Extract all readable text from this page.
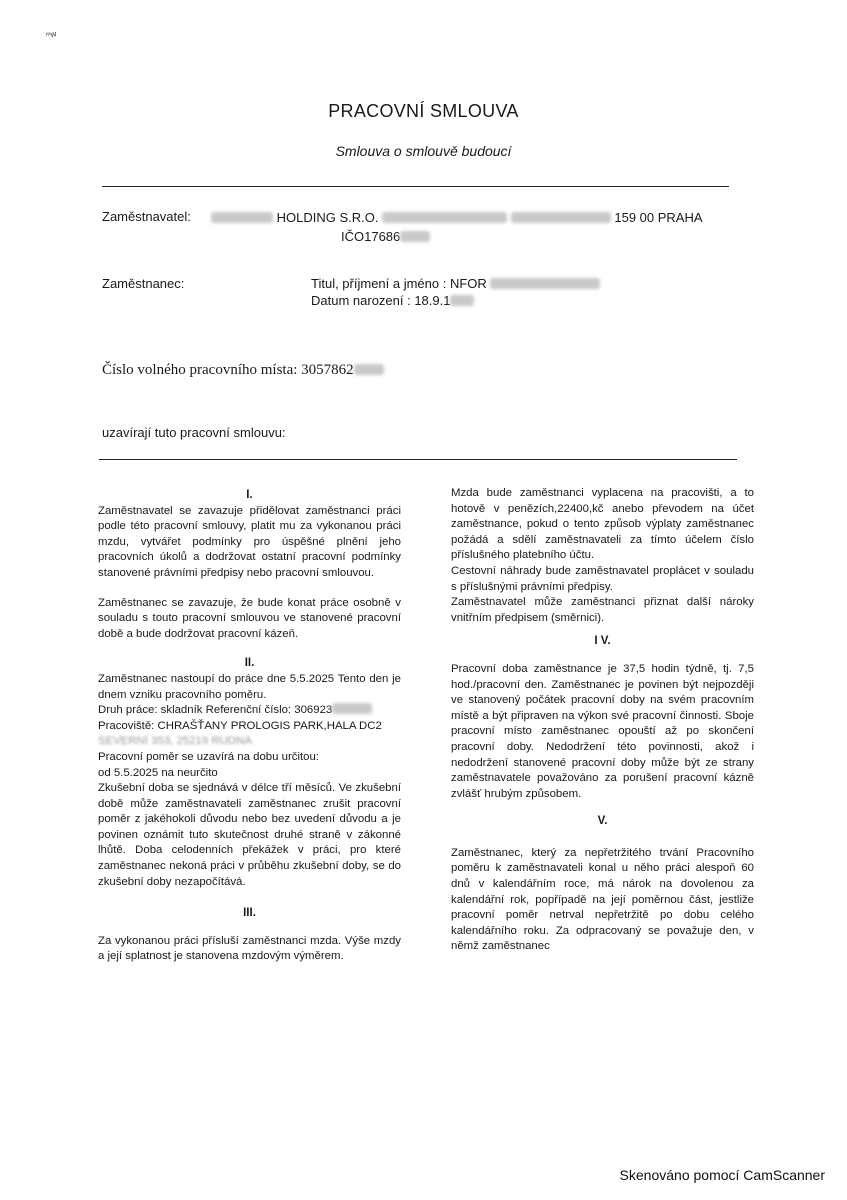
ᵐw
PRACOVNÍ SMLOUVA
Smlouva o smlouvě budoucí
Zaměstnavatel:	HOLDING S.R.O.	159 00 PRAHA
IČO17686
Zaměstnanec:	Titul, příjmení a jméno : NFOR
Datum narození : 18.9.1
Číslo volného pracovního místa: 3057862
uzavírají tuto pracovní smlouvu:
I.

Zaměstnavatel se zavazuje přidělovat zaměstnanci práci podle této pracovní smlouvy, platit mu za vykonanou práci mzdu, vytvářet podmínky pro úspěšné plnění jeho pracovních úkolů a dodržovat ostatní pracovní podmínky stanovené právními předpisy nebo pracovní smlouvou.

Zaměstnanec se zavazuje, že bude konat práce osobně v souladu s touto pracovní smlouvou ve stanovené pracovní době a bude dodržovat pracovní kázeň.

II.

Zaměstnanec nastoupí do práce dne 5.5.2025 Tento den je dnem vzniku pracovního poměru.

Druh práce: skladník Referenční číslo: 306923

Pracoviště: CHRAŠŤANY PROLOGIS PARK,HALA DC2

SEVERNÍ 353, 25219 RUDNA

Pracovní poměr se uzavírá na dobu určitou:

od 5.5.2025 na neurčito

Zkušební doba se sjednává v délce tří měsíců. Ve zkušební době může zaměstnavateli zaměstnanec zrušit pracovní poměr z jakéhokoli důvodu nebo bez uvedení důvodu a je povinen oznámit tuto skutečnost druhé straně v zákonné lhůtě. Doba celodenních překážek v práci, pro které zaměstnanec nekoná práci v průběhu zkušební doby, se do zkušební doby nezapočítává.

III.

Za vykonanou práci přísluší zaměstnanci mzda. Výše mzdy a její splatnost je stanovena mzdovým výměrem.

Mzda bude zaměstnanci vyplacena na pracovišti, a to hotově v penězích,22400,kč anebo převodem na účet zaměstnance, pokud o tento způsob výplaty zaměstnanec požádá a sdělí zaměstnavateli za tímto účelem číslo příslušného platebního účtu.

Cestovní náhrady bude zaměstnavatel proplácet v souladu s příslušnými právními předpisy.

Zaměstnavatel může zaměstnanci přiznat další nároky vnitřním předpisem (směrnici).

I V.

Pracovní doba zaměstnance je 37,5 hodin týdně, tj. 7,5 hod./pracovní den. Zaměstnanec je povinen být nejpozději ve stanovený počátek pracovní doby na svém pracovním místě a být připraven na výkon své pracovní činnosti. Sboje pracovní místo zaměstnanec opouští až po skončení pracovní doby. Nedodržení této povinnosti, akož i nedodržení stanovené pracovní doby může být ze strany zaměstnavatele považováno za porušení pracovní kázně zvlášť hrubým způsobem.

V.

Zaměstnanec, který za nepřetržitého trvání Pracovního poměru k zaměstnavateli konal u něho práci alespoň 60 dnů v kalendářním roce, má nárok na dovolenou za kalendářní rok, popřípadě na její poměrnou část, jestliže pracovní poměr netrval nepřetržitě po dobu celého kalendářního roku. Za odpracovaný se považuje den, v němž zaměstnanec

Skenováno pomocí CamScanner
